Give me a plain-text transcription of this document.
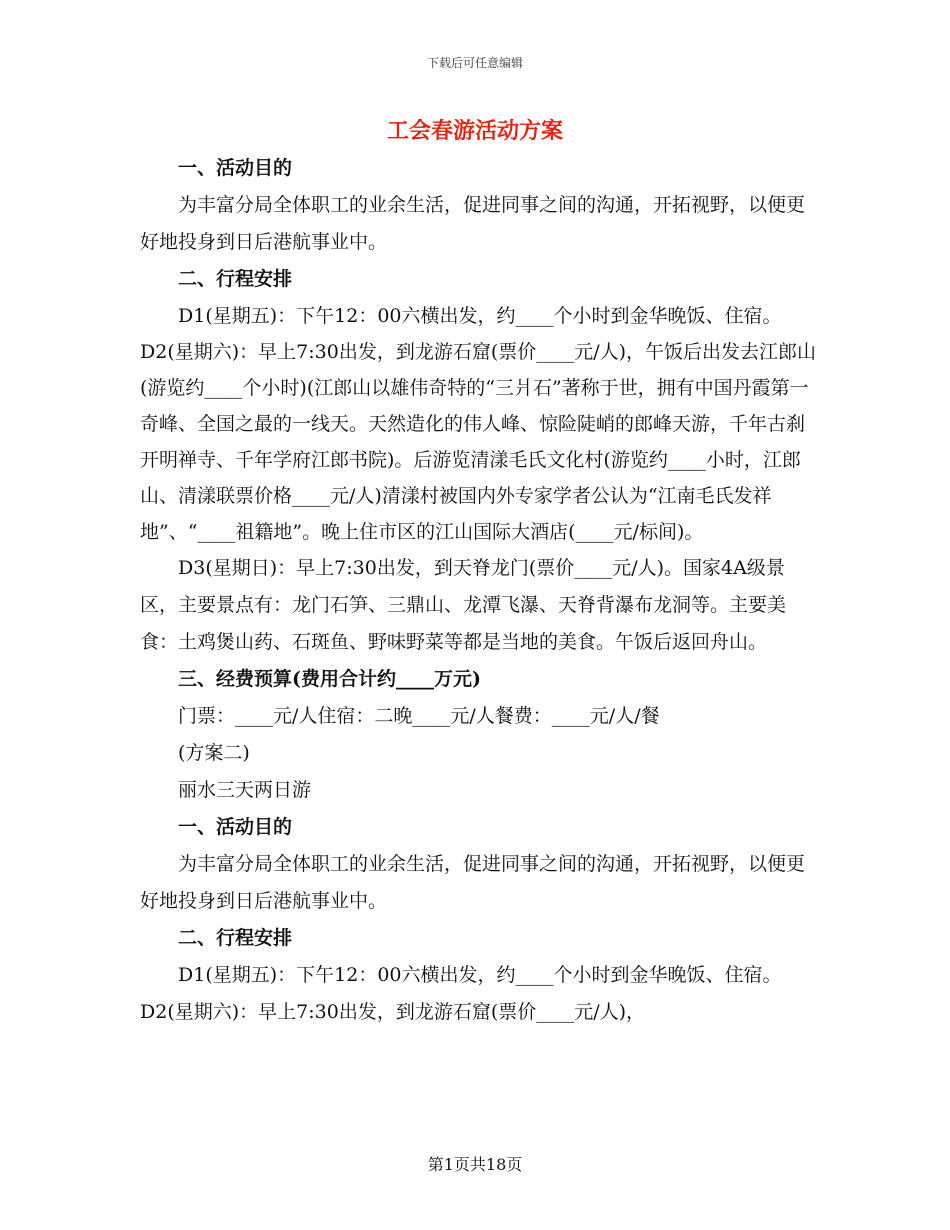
下载后可任意编辑
工会春游活动方案

一、活动目的

为丰富分局全体职工的业余生活，促进同事之间的沟通，开拓视野，以便更好地投身到日后港航事业中。

二、行程安排

D1(星期五)：下午12：00六横出发，约____个小时到金华晚饭、住宿。D2(星期六)：早上7:30出发，到龙游石窟(票价____元/人)，午饭后出发去江郎山(游览约____个小时)(江郎山以雄伟奇特的“三爿石”著称于世，拥有中国丹霞第一奇峰、全国之最的一线天。天然造化的伟人峰、惊险陡峭的郎峰天游，千年古刹开明禅寺、千年学府江郎书院)。后游览清漾毛氏文化村(游览约____小时，江郎山、清漾联票价格____元/人)清漾村被国内外专家学者公认为“江南毛氏发祥地”、“____祖籍地”。晚上住市区的江山国际大酒店(____元/标间)。

D3(星期日)：早上7:30出发，到天脊龙门(票价____元/人)。国家4A级景区，主要景点有：龙门石笋、三鼎山、龙潭飞瀑、天脊背瀑布龙洞等。主要美食：土鸡煲山药、石斑鱼、野味野菜等都是当地的美食。午饭后返回舟山。

三、经费预算(费用合计约____万元)

门票：____元/人住宿：二晚____元/人餐费：____元/人/餐

(方案二)

丽水三天两日游

一、活动目的

为丰富分局全体职工的业余生活，促进同事之间的沟通，开拓视野，以便更好地投身到日后港航事业中。

二、行程安排

D1(星期五)：下午12：00六横出发，约____个小时到金华晚饭、住宿。D2(星期六)：早上7:30出发，到龙游石窟(票价____元/人)，

第1页共18页
